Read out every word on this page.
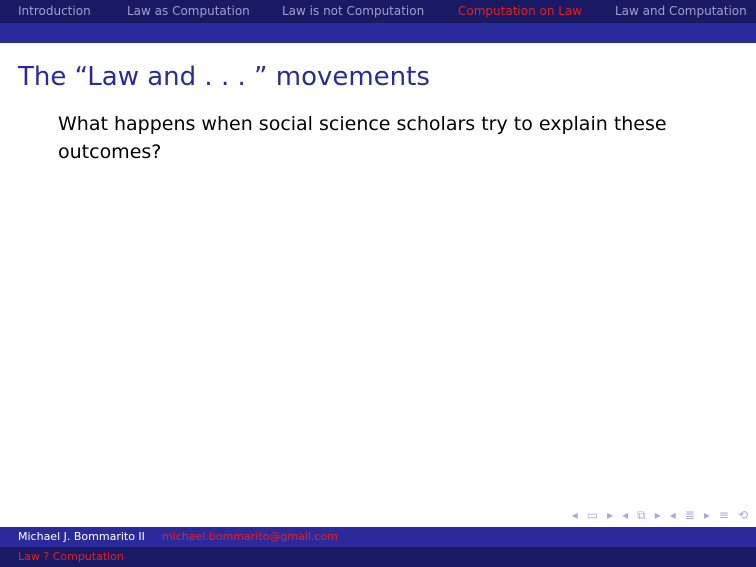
Introduction	Law as Computation	Law is not Computation	Computation on Law	Law and Computation
The “Law and . . . ” movements

What happens when social science scholars try to explain these outcomes?

◂ ▭ ▸ ◂ ⧉ ▸ ◂ ≣ ▸ ≡ ⟲
Michael J. Bommarito II michael.bommarito@gmail.com
Law ? Computation
